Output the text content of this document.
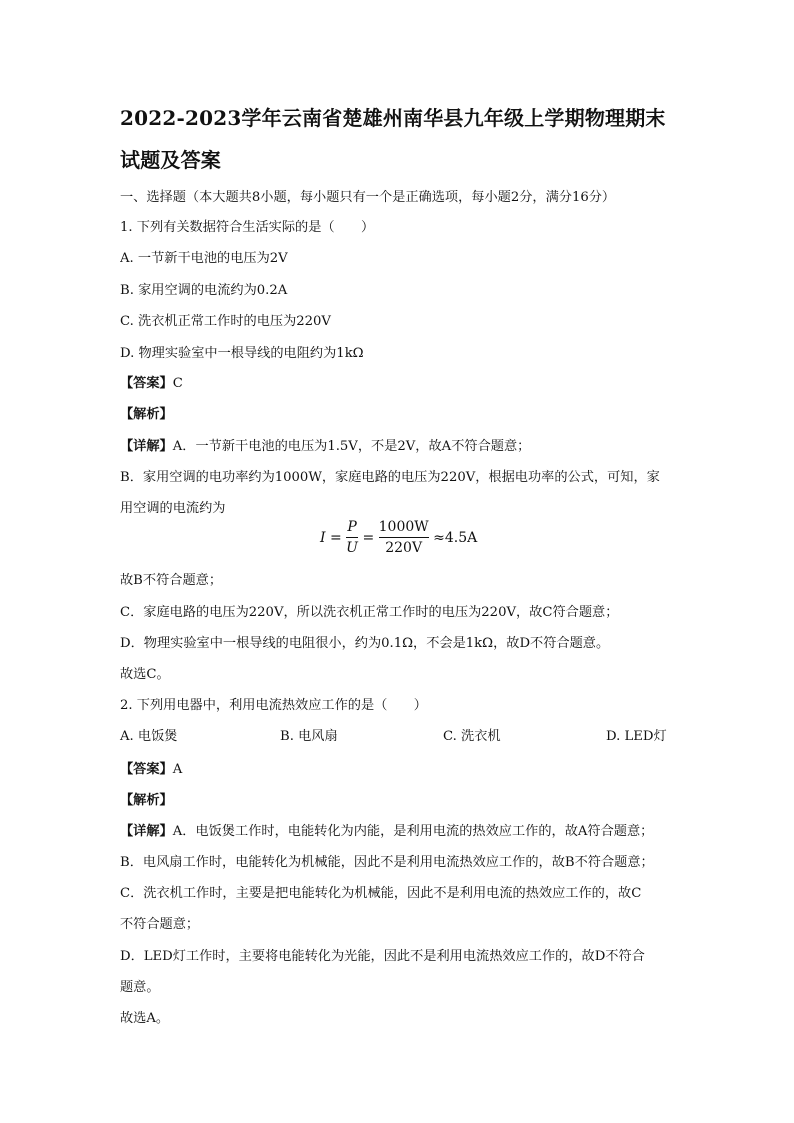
2022-2023学年云南省楚雄州南华县九年级上学期物理期末
试题及答案
一、选择题（本大题共8小题，每小题只有一个是正确选项，每小题2分，满分16分）
1. 下列有关数据符合生活实际的是（　　）
A. 一节新干电池的电压为2V
B. 家用空调的电流约为0.2A
C. 洗衣机正常工作时的电压为220V
D. 物理实验室中一根导线的电阻约为1kΩ
【答案】C
【解析】
【详解】A．一节新干电池的电压为1.5V，不是2V，故A不符合题意；
B．家用空调的电功率约为1000W，家庭电路的电压为220V，根据电功率的公式，可知，家
用空调的电流约为
$I = \frac{P}{U} = \frac{1000W}{220V} \approx 4.5A$
故B不符合题意；
C．家庭电路的电压为220V，所以洗衣机正常工作时的电压为220V，故C符合题意；
D．物理实验室中一根导线的电阻很小，约为0.1Ω，不会是1kΩ，故D不符合题意。
故选C。
2. 下列用电器中，利用电流热效应工作的是（　　）
A. 电饭煲	B. 电风扇	C. 洗衣机	D. LED灯
【答案】A
【解析】
【详解】A．电饭煲工作时，电能转化为内能，是利用电流的热效应工作的，故A符合题意；
B．电风扇工作时，电能转化为机械能，因此不是利用电流热效应工作的，故B不符合题意；
C．洗衣机工作时，主要是把电能转化为机械能，因此不是利用电流的热效应工作的，故C
不符合题意；
D．LED灯工作时，主要将电能转化为光能，因此不是利用电流热效应工作的，故D不符合
题意。
故选A。
